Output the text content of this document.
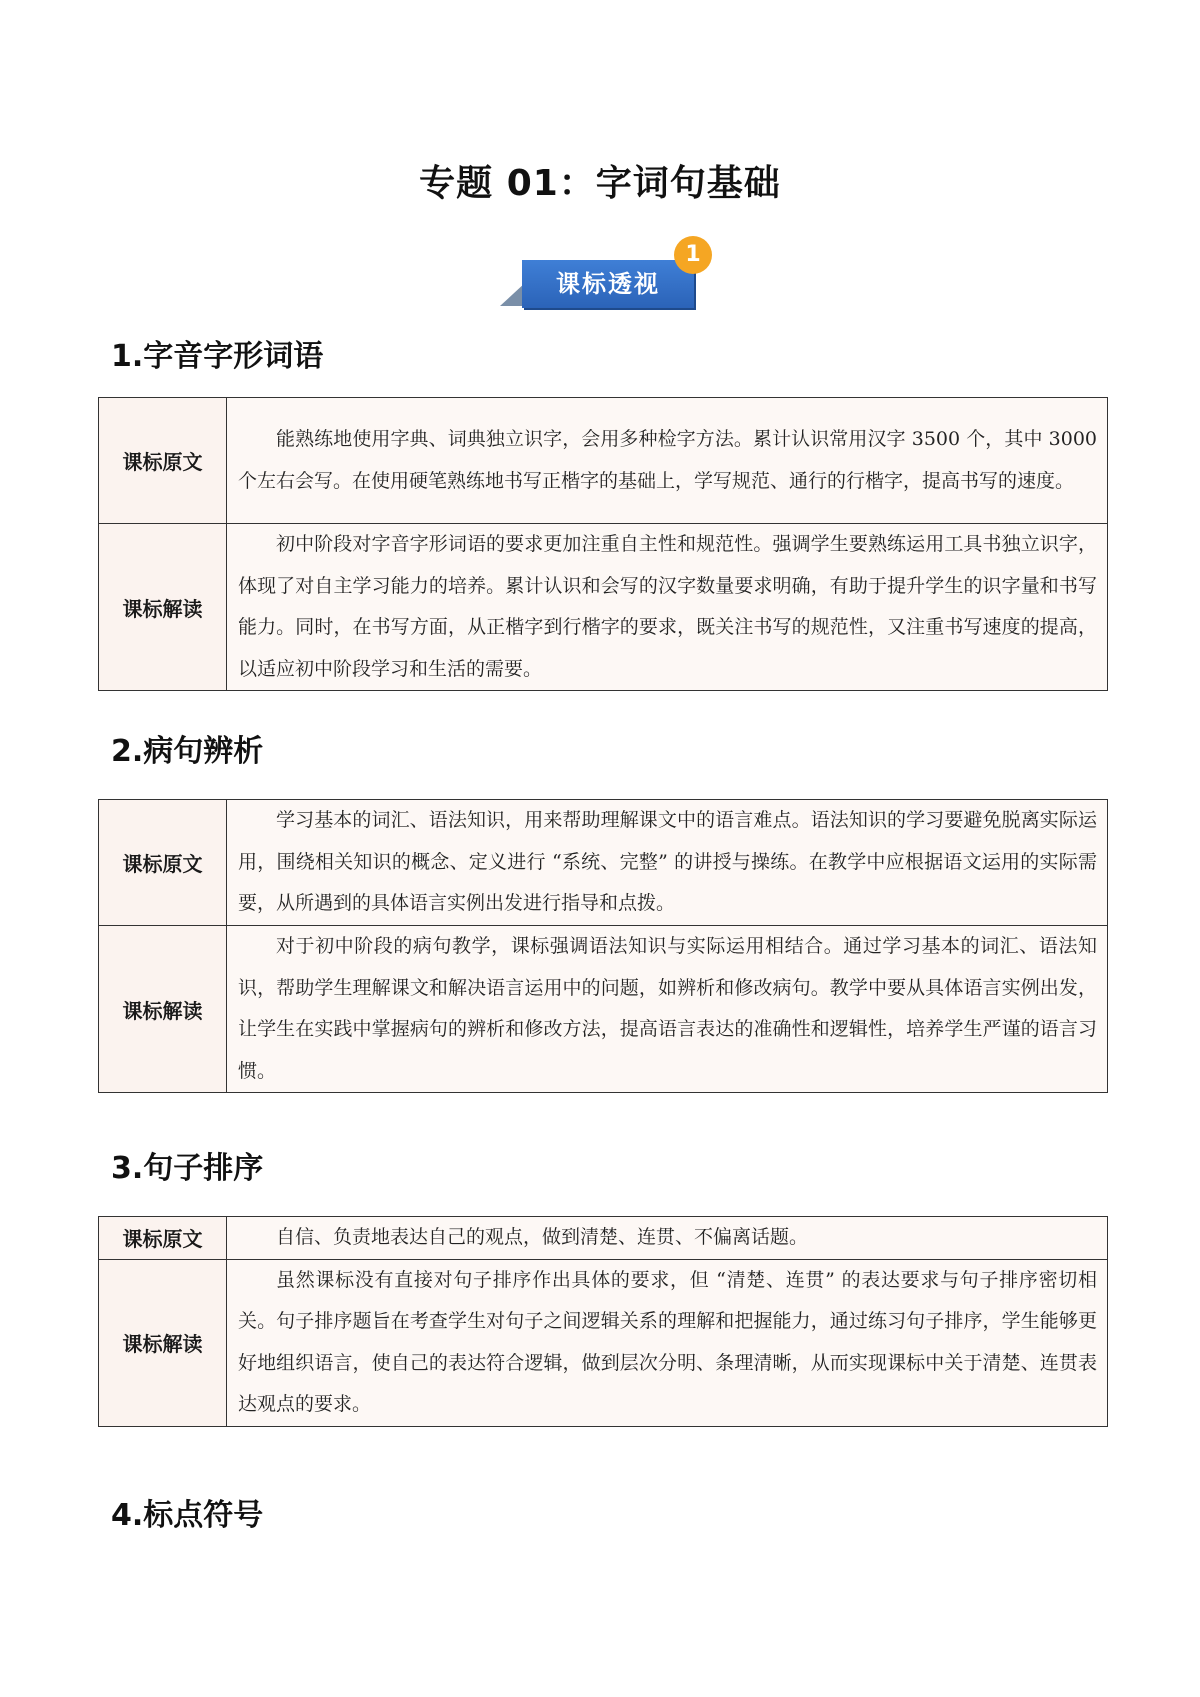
专题 01：字词句基础
课标透视
1
1.字音字形词语
课标原文	能熟练地使用字典、词典独立识字，会用多种检字方法。累计认识常用汉字 3500 个，其中 3000 个左右会写。在使用硬笔熟练地书写正楷字的基础上，学写规范、通行的行楷字，提高书写的速度。
课标解读	初中阶段对字音字形词语的要求更加注重自主性和规范性。强调学生要熟练运用工具书独立识字，体现了对自主学习能力的培养。累计认识和会写的汉字数量要求明确，有助于提升学生的识字量和书写能力。同时，在书写方面，从正楷字到行楷字的要求，既关注书写的规范性，又注重书写速度的提高，以适应初中阶段学习和生活的需要。
2.病句辨析
课标原文	学习基本的词汇、语法知识，用来帮助理解课文中的语言难点。语法知识的学习要避免脱离实际运用，围绕相关知识的概念、定义进行 “系统、完整” 的讲授与操练。在教学中应根据语文运用的实际需要，从所遇到的具体语言实例出发进行指导和点拨。
课标解读	对于初中阶段的病句教学，课标强调语法知识与实际运用相结合。通过学习基本的词汇、语法知识，帮助学生理解课文和解决语言运用中的问题，如辨析和修改病句。教学中要从具体语言实例出发，让学生在实践中掌握病句的辨析和修改方法，提高语言表达的准确性和逻辑性，培养学生严谨的语言习惯。
3.句子排序
课标原文	自信、负责地表达自己的观点，做到清楚、连贯、不偏离话题。
课标解读	虽然课标没有直接对句子排序作出具体的要求，但 “清楚、连贯” 的表达要求与句子排序密切相关。句子排序题旨在考查学生对句子之间逻辑关系的理解和把握能力，通过练习句子排序，学生能够更好地组织语言，使自己的表达符合逻辑，做到层次分明、条理清晰，从而实现课标中关于清楚、连贯表达观点的要求。
4.标点符号
